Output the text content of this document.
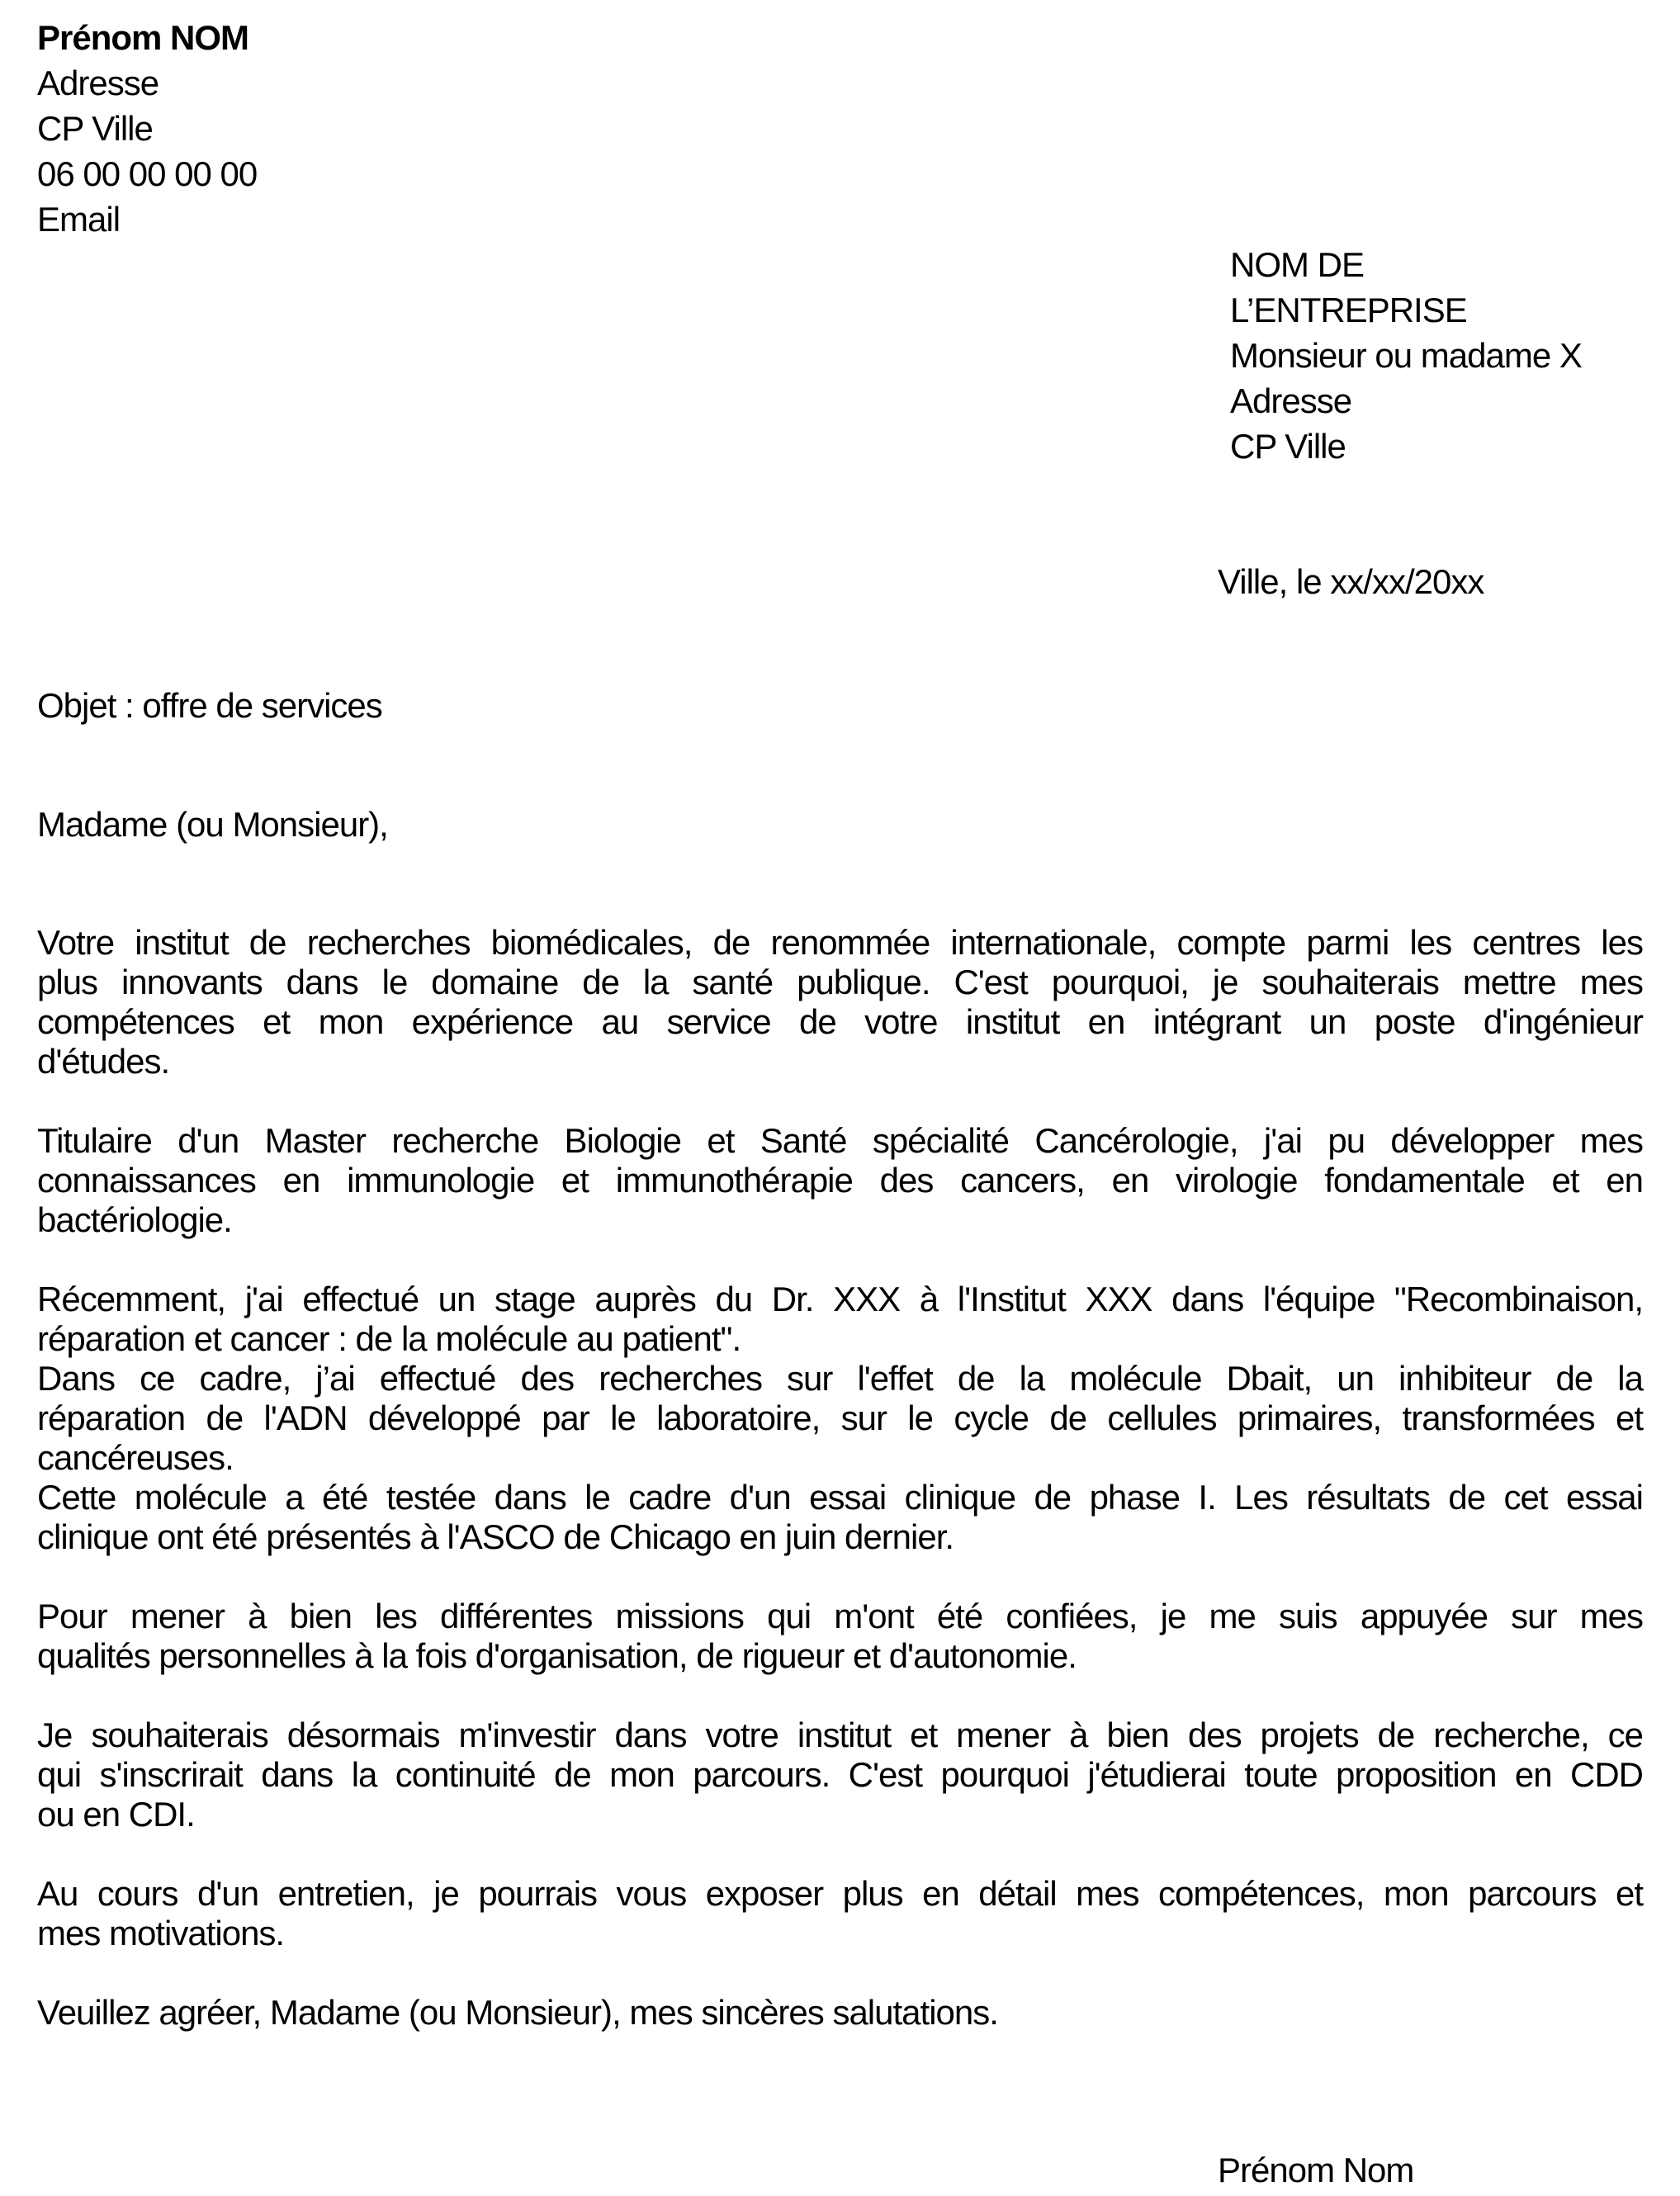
Prénom NOM
Adresse
CP Ville
06 00 00 00 00
Email
NOM DE
L’ENTREPRISE
Monsieur ou madame X
Adresse
CP Ville
Ville, le xx/xx/20xx
Objet : offre de services
Madame (ou Monsieur),
Votre institut de recherches biomédicales, de renommée internationale, compte parmi les centres les
plus innovants dans le domaine de la santé publique. C'est pourquoi, je souhaiterais mettre mes
compétences et mon expérience au service de votre institut en intégrant un poste d'ingénieur
d'études.
Titulaire d'un Master recherche Biologie et Santé spécialité Cancérologie, j'ai pu développer mes
connaissances en immunologie et immunothérapie des cancers, en virologie fondamentale et en
bactériologie.
Récemment, j'ai effectué un stage auprès du Dr. XXX à l'Institut XXX dans l'équipe "Recombinaison,
réparation et cancer : de la molécule au patient".
Dans ce cadre, j’ai effectué des recherches sur l'effet de la molécule Dbait, un inhibiteur de la
réparation de l'ADN développé par le laboratoire, sur le cycle de cellules primaires, transformées et
cancéreuses.
Cette molécule a été testée dans le cadre d'un essai clinique de phase I. Les résultats de cet essai
clinique ont été présentés à l'ASCO de Chicago en juin dernier.
Pour mener à bien les différentes missions qui m'ont été confiées, je me suis appuyée sur mes
qualités personnelles à la fois d'organisation, de rigueur et d'autonomie.
Je souhaiterais désormais m'investir dans votre institut et mener à bien des projets de recherche, ce
qui s'inscrirait dans la continuité de mon parcours. C'est pourquoi j'étudierai toute proposition en CDD
ou en CDI.
Au cours d'un entretien, je pourrais vous exposer plus en détail mes compétences, mon parcours et
mes motivations.
Veuillez agréer, Madame (ou Monsieur), mes sincères salutations.
Prénom Nom
